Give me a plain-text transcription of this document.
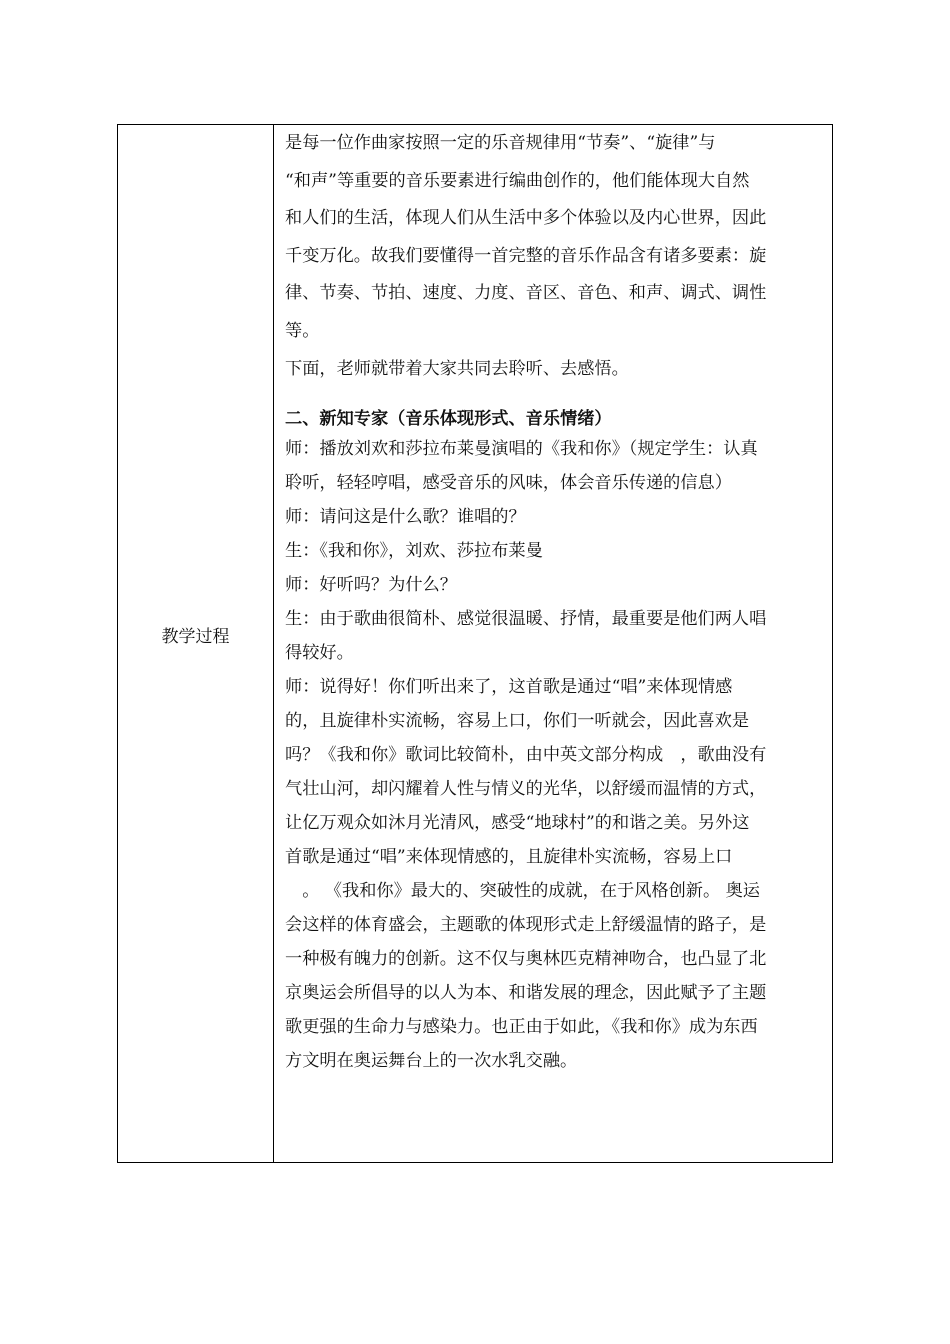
教学过程
是每一位作曲家按照一定的乐音规律用“节奏”、“旋律”与
“和声”等重要的音乐要素进行编曲创作的，他们能体现大自然
和人们的生活，体现人们从生活中多个体验以及内心世界，因此
千变万化。故我们要懂得一首完整的音乐作品含有诸多要素：旋
律、节奏、节拍、速度、力度、音区、音色、和声、调式、调性
等。
下面，老师就带着大家共同去聆听、去感悟。
二、新知专家（音乐体现形式、音乐情绪）
师：播放刘欢和莎拉布莱曼演唱的《我和你》（规定学生：认真
聆听，轻轻哼唱，感受音乐的风味，体会音乐传递的信息）
师：请问这是什么歌？谁唱的？
生：《我和你》，刘欢、莎拉布莱曼
师：好听吗？为什么？
生：由于歌曲很简朴、感觉很温暖、抒情，最重要是他们两人唱
得较好。
师：说得好！你们听出来了，这首歌是通过“唱”来体现情感
的，且旋律朴实流畅，容易上口，你们一听就会，因此喜欢是
吗？《我和你》歌词比较简朴，由中英文部分构成　，歌曲没有
气壮山河，却闪耀着人性与情义的光华，以舒缓而温情的方式，
让亿万观众如沐月光清风，感受“地球村”的和谐之美。另外这
首歌是通过“唱”来体现情感的，且旋律朴实流畅，容易上口
　。 《我和你》最大的、突破性的成就，在于风格创新。 奥运
会这样的体育盛会，主题歌的体现形式走上舒缓温情的路子，是
一种极有魄力的创新。这不仅与奥林匹克精神吻合，也凸显了北
京奥运会所倡导的以人为本、和谐发展的理念，因此赋予了主题
歌更强的生命力与感染力。也正由于如此，《我和你》成为东西
方文明在奥运舞台上的一次水乳交融。
